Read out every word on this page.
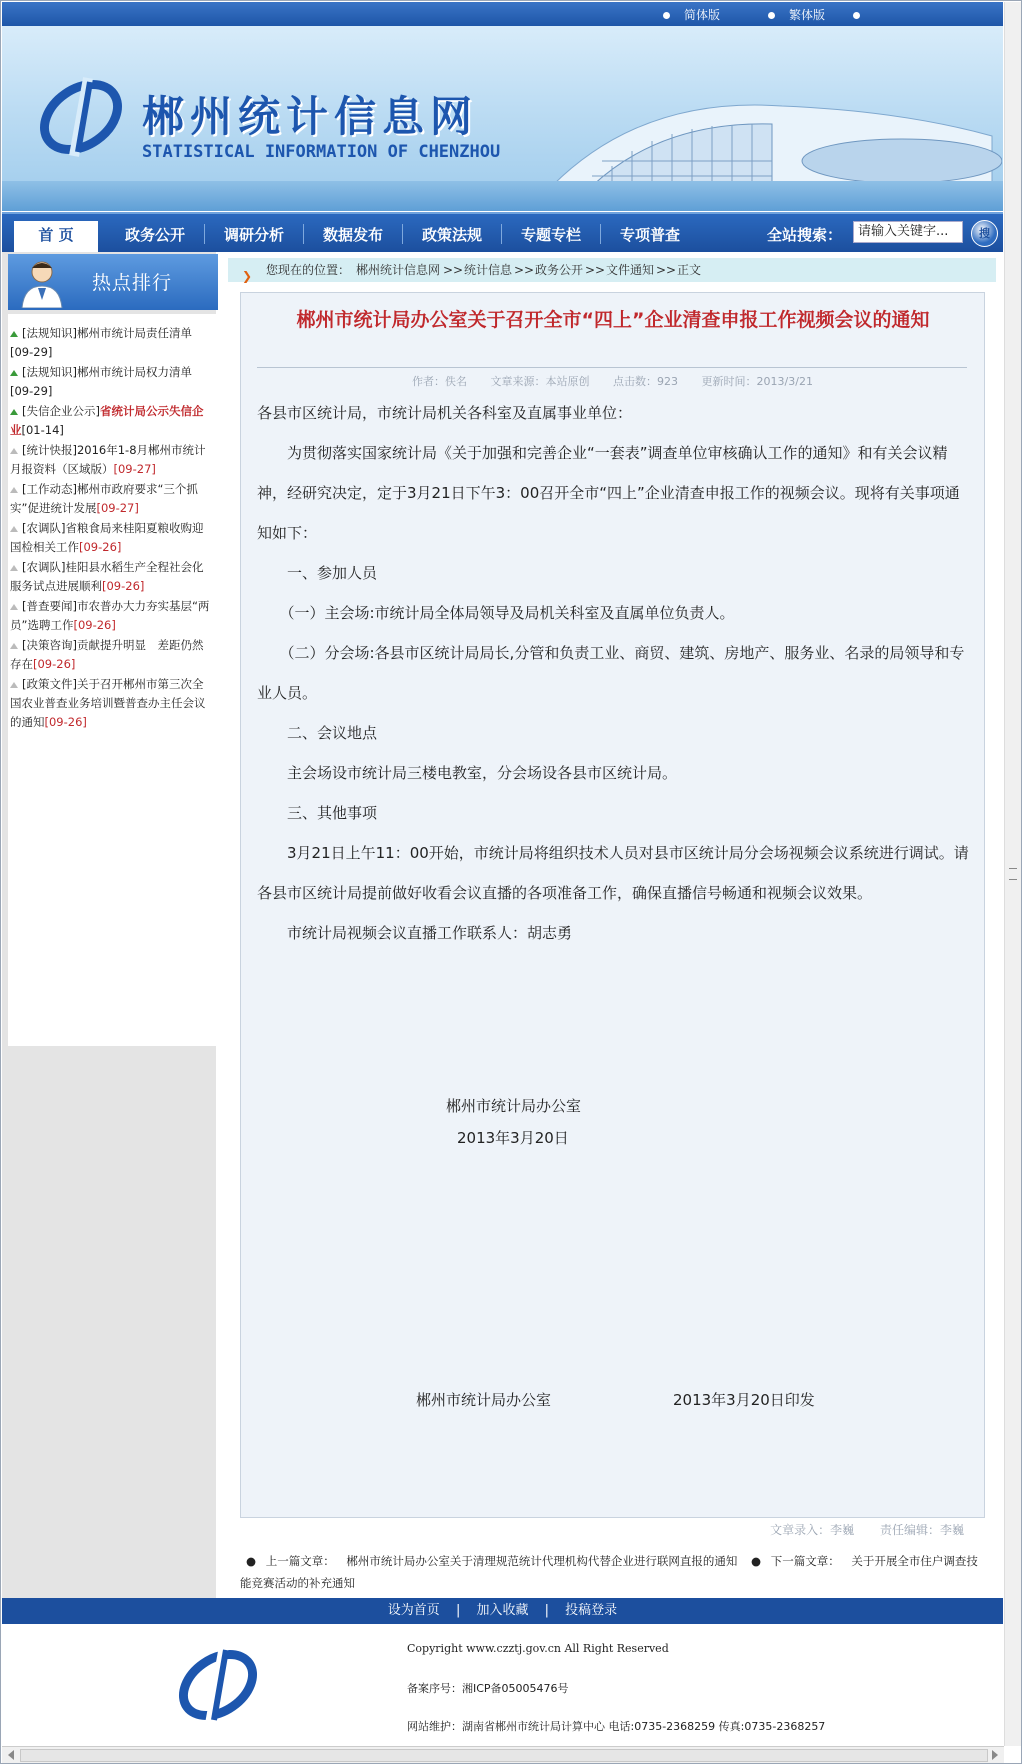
简体版	繁体版
郴州统计信息网
STATISTICAL INFORMATION OF CHENZHOU
首 页	政务公开	调研分析	数据发布	政策法规	专题专栏	专项普查	全站搜索：	请输入关键字...	搜
热点排行
[法规知识]郴州市统计局责任清单
[09-29]
[法规知识]郴州市统计局权力清单
[09-29]
[失信企业公示]省统计局公示失信企业[01-14]
[统计快报]2016年1-8月郴州市统计月报资料（区域版）[09-27]
[工作动态]郴州市政府要求“三个抓实”促进统计发展[09-27]
[农调队]省粮食局来桂阳夏粮收购迎国检相关工作[09-26]
[农调队]桂阳县水稻生产全程社会化服务试点进展顺利[09-26]
[普查要闻]市农普办大力夯实基层“两员”选聘工作[09-26]
[决策咨询]贡献提升明显　差距仍然存在[09-26]
[政策文件]关于召开郴州市第三次全国农业普查业务培训暨普查办主任会议的通知[09-26]
❯ 您现在的位置： 郴州统计信息网 >> 统计信息 >> 政务公开 >> 文件通知 >> 正文
郴州市统计局办公室关于召开全市“四上”企业清查申报工作视频会议的通知
作者：佚名 文章来源：本站原创 点击数：923 更新时间：2013/3/21

各县市区统计局，市统计局机关各科室及直属事业单位：

　　为贯彻落实国家统计局《关于加强和完善企业“一套表”调查单位审核确认工作的通知》和有关会议精神，经研究决定，定于3月21日下午3：00召开全市“四上”企业清查申报工作的视频会议。现将有关事项通知如下：

　　一、参加人员

　　（一）主会场:市统计局全体局领导及局机关科室及直属单位负责人。

　　（二）分会场:各县市区统计局局长,分管和负责工业、商贸、建筑、房地产、服务业、名录的局领导和专业人员。

　　二、会议地点

　　主会场设市统计局三楼电教室，分会场设各县市区统计局。

　　三、其他事项

　　3月21日上午11：00开始，市统计局将组织技术人员对县市区统计局分会场视频会议系统进行调试。请各县市区统计局提前做好收看会议直播的各项准备工作，确保直播信号畅通和视频会议效果。

　　市统计局视频会议直播工作联系人：胡志勇

郴州市统计局办公室
2013年3月20日
郴州市统计局办公室	2013年3月20日印发
文章录入：李巍 责任编辑：李巍
● 上一篇文章： 郴州市统计局办公室关于清理规范统计代理机构代替企业进行联网直报的通知 ● 下一篇文章： 关于开展全市住户调查技能竞赛活动的补充通知
设为首页 | 加入收藏 | 投稿登录
Copyright www.czztj.gov.cn All Right Reserved
备案序号：湘ICP备05005476号
网站维护：湖南省郴州市统计局计算中心 电话:0735-2368259 传真:0735-2368257
